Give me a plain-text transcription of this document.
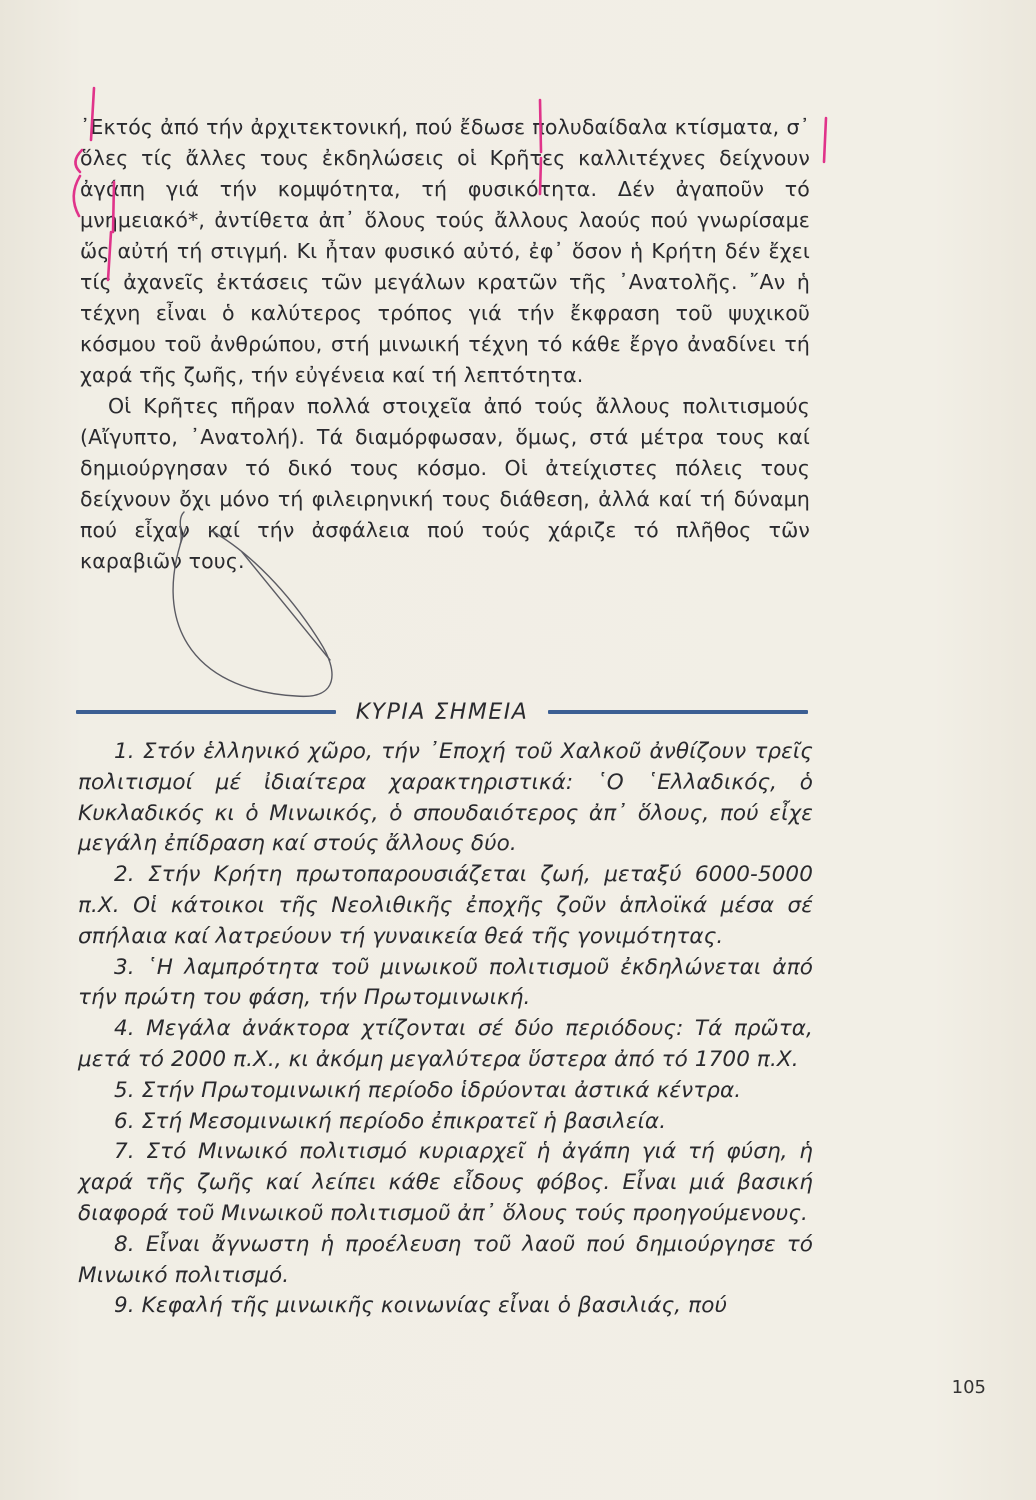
᾿Εκτός ἀπό τήν ἀρχιτεκτονική, πού ἔδωσε πολυδαίδαλα κτίσματα, σ᾿ ὅλες τίς ἄλλες τους ἐκδηλώσεις οἱ Κρῆτες καλλιτέχνες δείχνουν ἀγάπη γιά τήν κομψότητα, τή φυσικότητα. Δέν ἀγαποῦν τό μνημειακό*, ἀντίθετα ἀπ᾿ ὅλους τούς ἄλλους λαούς πού γνωρίσαμε ὥς αὐτή τή στιγμή. Κι ἦταν φυσικό αὐτό, ἐφ᾿ ὅσον ἡ Κρήτη δέν ἔχει τίς ἀχανεῖς ἐκτάσεις τῶν μεγάλων κρατῶν τῆς ᾿Ανατολῆς. ῎Αν ἡ τέχνη εἶναι ὁ καλύτερος τρόπος γιά τήν ἔκφραση τοῦ ψυχικοῦ κόσμου τοῦ ἀνθρώπου, στή μινωική τέχνη τό κάθε ἔργο ἀναδίνει τή χαρά τῆς ζωῆς, τήν εὐγένεια καί τή λεπτότητα.

Οἱ Κρῆτες πῆραν πολλά στοιχεῖα ἀπό τούς ἄλλους πολιτισμούς (Αἴγυπτο, ᾿Ανατολή). Τά διαμόρφωσαν, ὅμως, στά μέτρα τους καί δημιούργησαν τό δικό τους κόσμο. Οἱ ἀτείχιστες πόλεις τους δείχνουν ὄχι μόνο τή φιλειρηνική τους διάθεση, ἀλλά καί τή δύναμη πού εἶχαν καί τήν ἀσφάλεια πού τούς χάριζε τό πλῆθος τῶν καραβιῶν τους.

ΚΥΡΙΑ ΣΗΜΕΙΑ
1. Στόν ἑλληνικό χῶρο, τήν ᾿Εποχή τοῦ Χαλκοῦ ἀνθίζουν τρεῖς πολιτισμοί μέ ἰδιαίτερα χαρακτηριστικά: ῾Ο ῾Ελλαδικός, ὁ Κυκλαδικός κι ὁ Μινωικός, ὁ σπουδαιότερος ἀπ᾿ ὅλους, πού εἶχε μεγάλη ἐπίδραση καί στούς ἄλλους δύο.
2. Στήν Κρήτη πρωτοπαρουσιάζεται ζωή, μεταξύ 6000-5000 π.Χ. Οἱ κάτοικοι τῆς Νεολιθικῆς ἐποχῆς ζοῦν ἁπλοϊκά μέσα σέ σπήλαια καί λατρεύουν τή γυναικεία θεά τῆς γονιμότητας.
3. ῾Η λαμπρότητα τοῦ μινωικοῦ πολιτισμοῦ ἐκδηλώνεται ἀπό τήν πρώτη του φάση, τήν Πρωτομινωική.
4. Μεγάλα ἀνάκτορα χτίζονται σέ δύο περιόδους: Τά πρῶτα, μετά τό 2000 π.Χ., κι ἀκόμη μεγαλύτερα ὕστερα ἀπό τό 1700 π.Χ.
5. Στήν Πρωτομινωική περίοδο ἱδρύονται ἀστικά κέντρα.
6. Στή Μεσομινωική περίοδο ἐπικρατεῖ ἡ βασιλεία.
7. Στό Μινωικό πολιτισμό κυριαρχεῖ ἡ ἀγάπη γιά τή φύση, ἡ χαρά τῆς ζωῆς καί λείπει κάθε εἶδους φόβος. Εἶναι μιά βασική διαφορά τοῦ Μινωικοῦ πολιτισμοῦ ἀπ᾿ ὅλους τούς προηγούμενους.
8. Εἶναι ἄγνωστη ἡ προέλευση τοῦ λαοῦ πού δημιούργησε τό Μινωικό πολιτισμό.
9. Κεφαλή τῆς μινωικῆς κοινωνίας εἶναι ὁ βασιλιάς, πού
105
